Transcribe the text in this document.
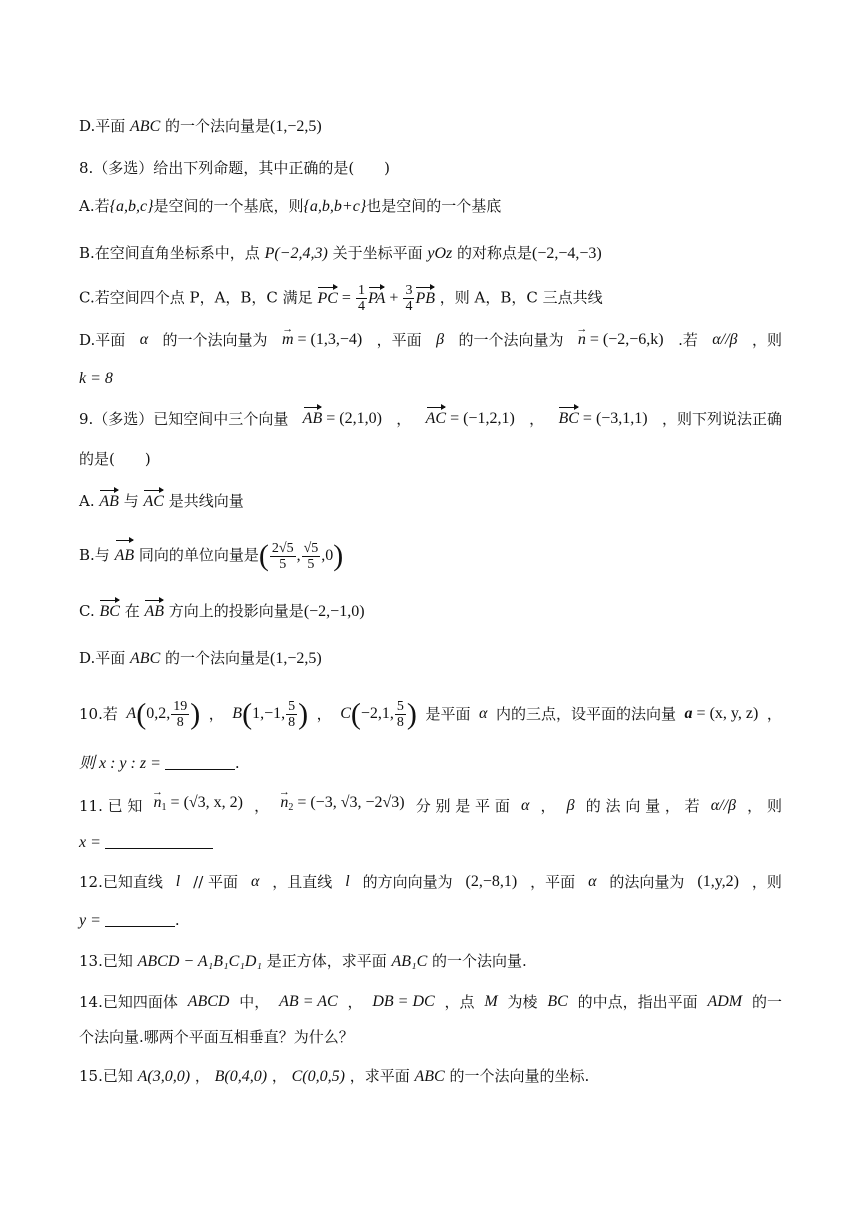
D.平面 ABC 的一个法向量是(1,−2,5)
8.（多选）给出下列命题，其中正确的是(　　)
A.若{a,b,c}是空间的一个基底，则{a,b,b+c}也是空间的一个基底
B.在空间直角坐标系中，点 P(−2,4,3) 关于坐标平面 yOz 的对称点是(−2,−4,−3)
C.若空间四个点 P，A，B，C 满足 PC = $\frac{1}{4}$ PA + $\frac{3}{4}$ PB ，则 A，B，C 三点共线
D.平面 α 的一个法向量为 → m = (1,3,−4) ，平面 β 的一个法向量为 → n = (−2,−6,k) .若 α//β ，则
k = 8
9.（多选）已知空间中三个向量 AB = (2,1,0) ， AC = (−1,2,1) ， BC = (−3,1,1) ，则下列说法正确
的是(　　)
A. AB 与 AC 是共线向量
B.与 AB 同向的单位向量是( $\frac{2√5}{5}$ , $\frac{√5}{5} ,0$)
C. BC 在 AB 方向上的投影向量是(−2,−1,0)
D.平面 ABC 的一个法向量是(1,−2,5)
10.若 A(0,2, $\frac{19}{8}$ ) ， B(1,−1, $\frac{5}{8}$ ) ， C(−2,1, $\frac{5}{8}$ ) 是平面 α 内的三点，设平面的法向量 a = (x, y, z) ，
则 x : y : z =	.
11. 已 知 → $n_1 = (√3$, x, 2) ， → $n_2 = (-3$, √3, −2√3) 分 别 是 平 面 α ， β 的 法 向 量 ， 若 α//β ， 则
x =
12.已知直线 l // 平面 α ，且直线 l 的方向向量为 (2,−8,1) ，平面 α 的法向量为 (1,y,2) ，则
y =	.
13.已知 ABCD − A₁B₁C₁D₁ 是正方体，求平面 AB₁C 的一个法向量.
14.已知四面体 ABCD 中， AB = AC ， DB = DC ，点 M 为棱 BC 的中点，指出平面 ADM 的一
个法向量.哪两个平面互相垂直？为什么？
15.已知 A(3,0,0) ， B(0,4,0) ， C(0,0,5) ，求平面 ABC 的一个法向量的坐标.
